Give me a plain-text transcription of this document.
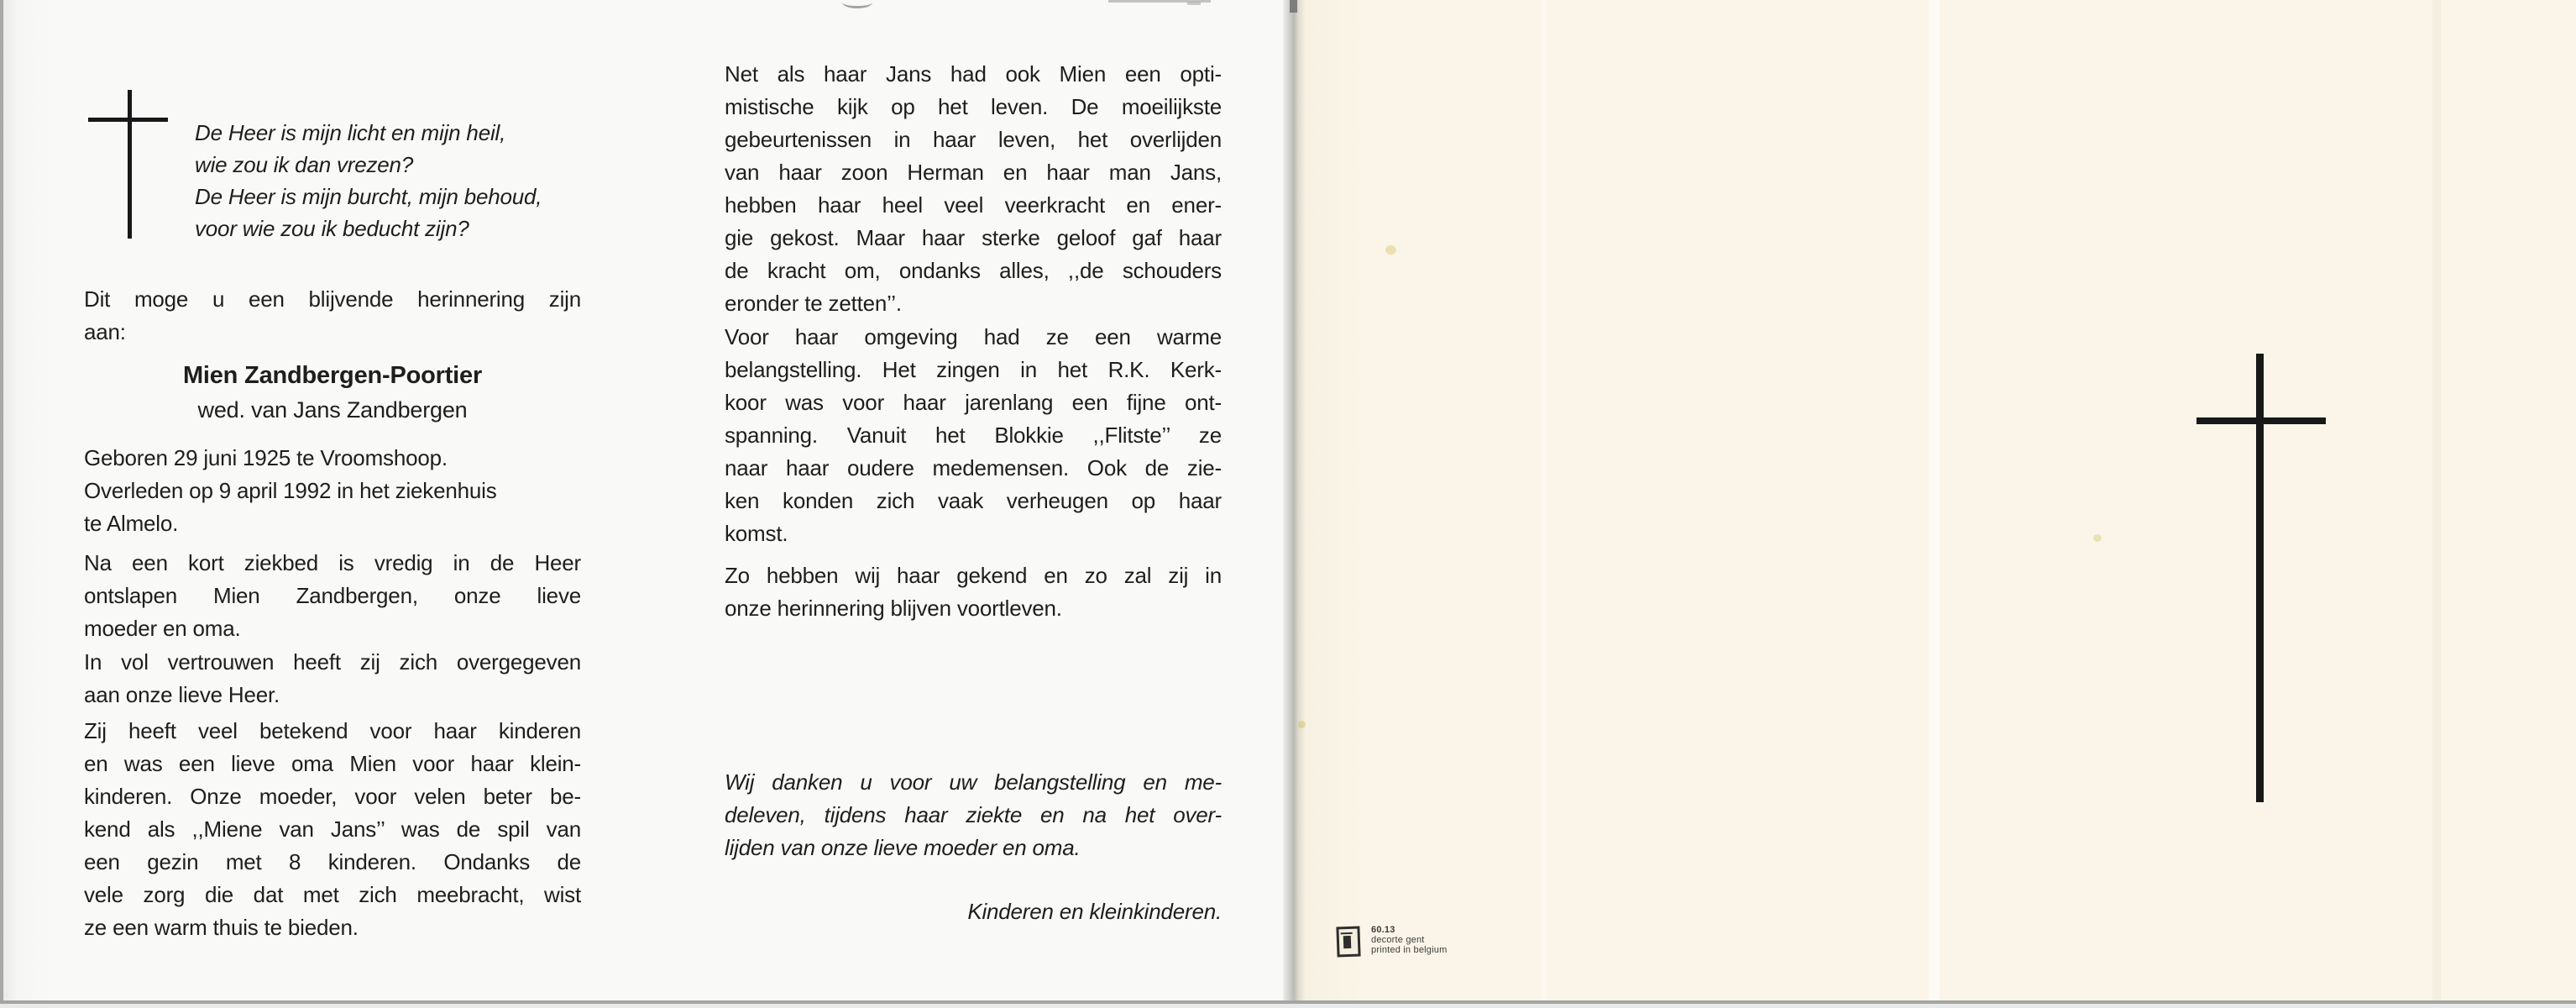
De Heer is mijn licht en mijn heil,
wie zou ik dan vrezen?
De Heer is mijn burcht, mijn behoud,
voor wie zou ik beducht zijn?
Dit moge u een blijvende herinnering zijn
aan:
Mien Zandbergen-Poortier
wed. van Jans Zandbergen
Geboren 29 juni 1925 te Vroomshoop.
Overleden op 9 april 1992 in het ziekenhuis
te Almelo.
Na een kort ziekbed is vredig in de Heer
ontslapen Mien Zandbergen, onze lieve
moeder en oma.
In vol vertrouwen heeft zij zich overgegeven
aan onze lieve Heer.
Zij heeft veel betekend voor haar kinderen
en was een lieve oma Mien voor haar klein-
kinderen. Onze moeder, voor velen beter be-
kend als ,,Miene van Jans’’ was de spil van
een gezin met 8 kinderen. Ondanks de
vele zorg die dat met zich meebracht, wist
ze een warm thuis te bieden.
Net als haar Jans had ook Mien een opti-
mistische kijk op het leven. De moeilijkste
gebeurtenissen in haar leven, het overlijden
van haar zoon Herman en haar man Jans,
hebben haar heel veel veerkracht en ener-
gie gekost. Maar haar sterke geloof gaf haar
de kracht om, ondanks alles, ,,de schouders
eronder te zetten’’.
Voor haar omgeving had ze een warme
belangstelling. Het zingen in het R.K. Kerk-
koor was voor haar jarenlang een fijne ont-
spanning. Vanuit het Blokkie ,,Flitste’’ ze
naar haar oudere medemensen. Ook de zie-
ken konden zich vaak verheugen op haar
komst.
Zo hebben wij haar gekend en zo zal zij in
onze herinnering blijven voortleven.
Wij danken u voor uw belangstelling en me-
deleven, tijdens haar ziekte en na het over-
lijden van onze lieve moeder en oma.
Kinderen en kleinkinderen.
60.13
decorte gent
printed in belgium
